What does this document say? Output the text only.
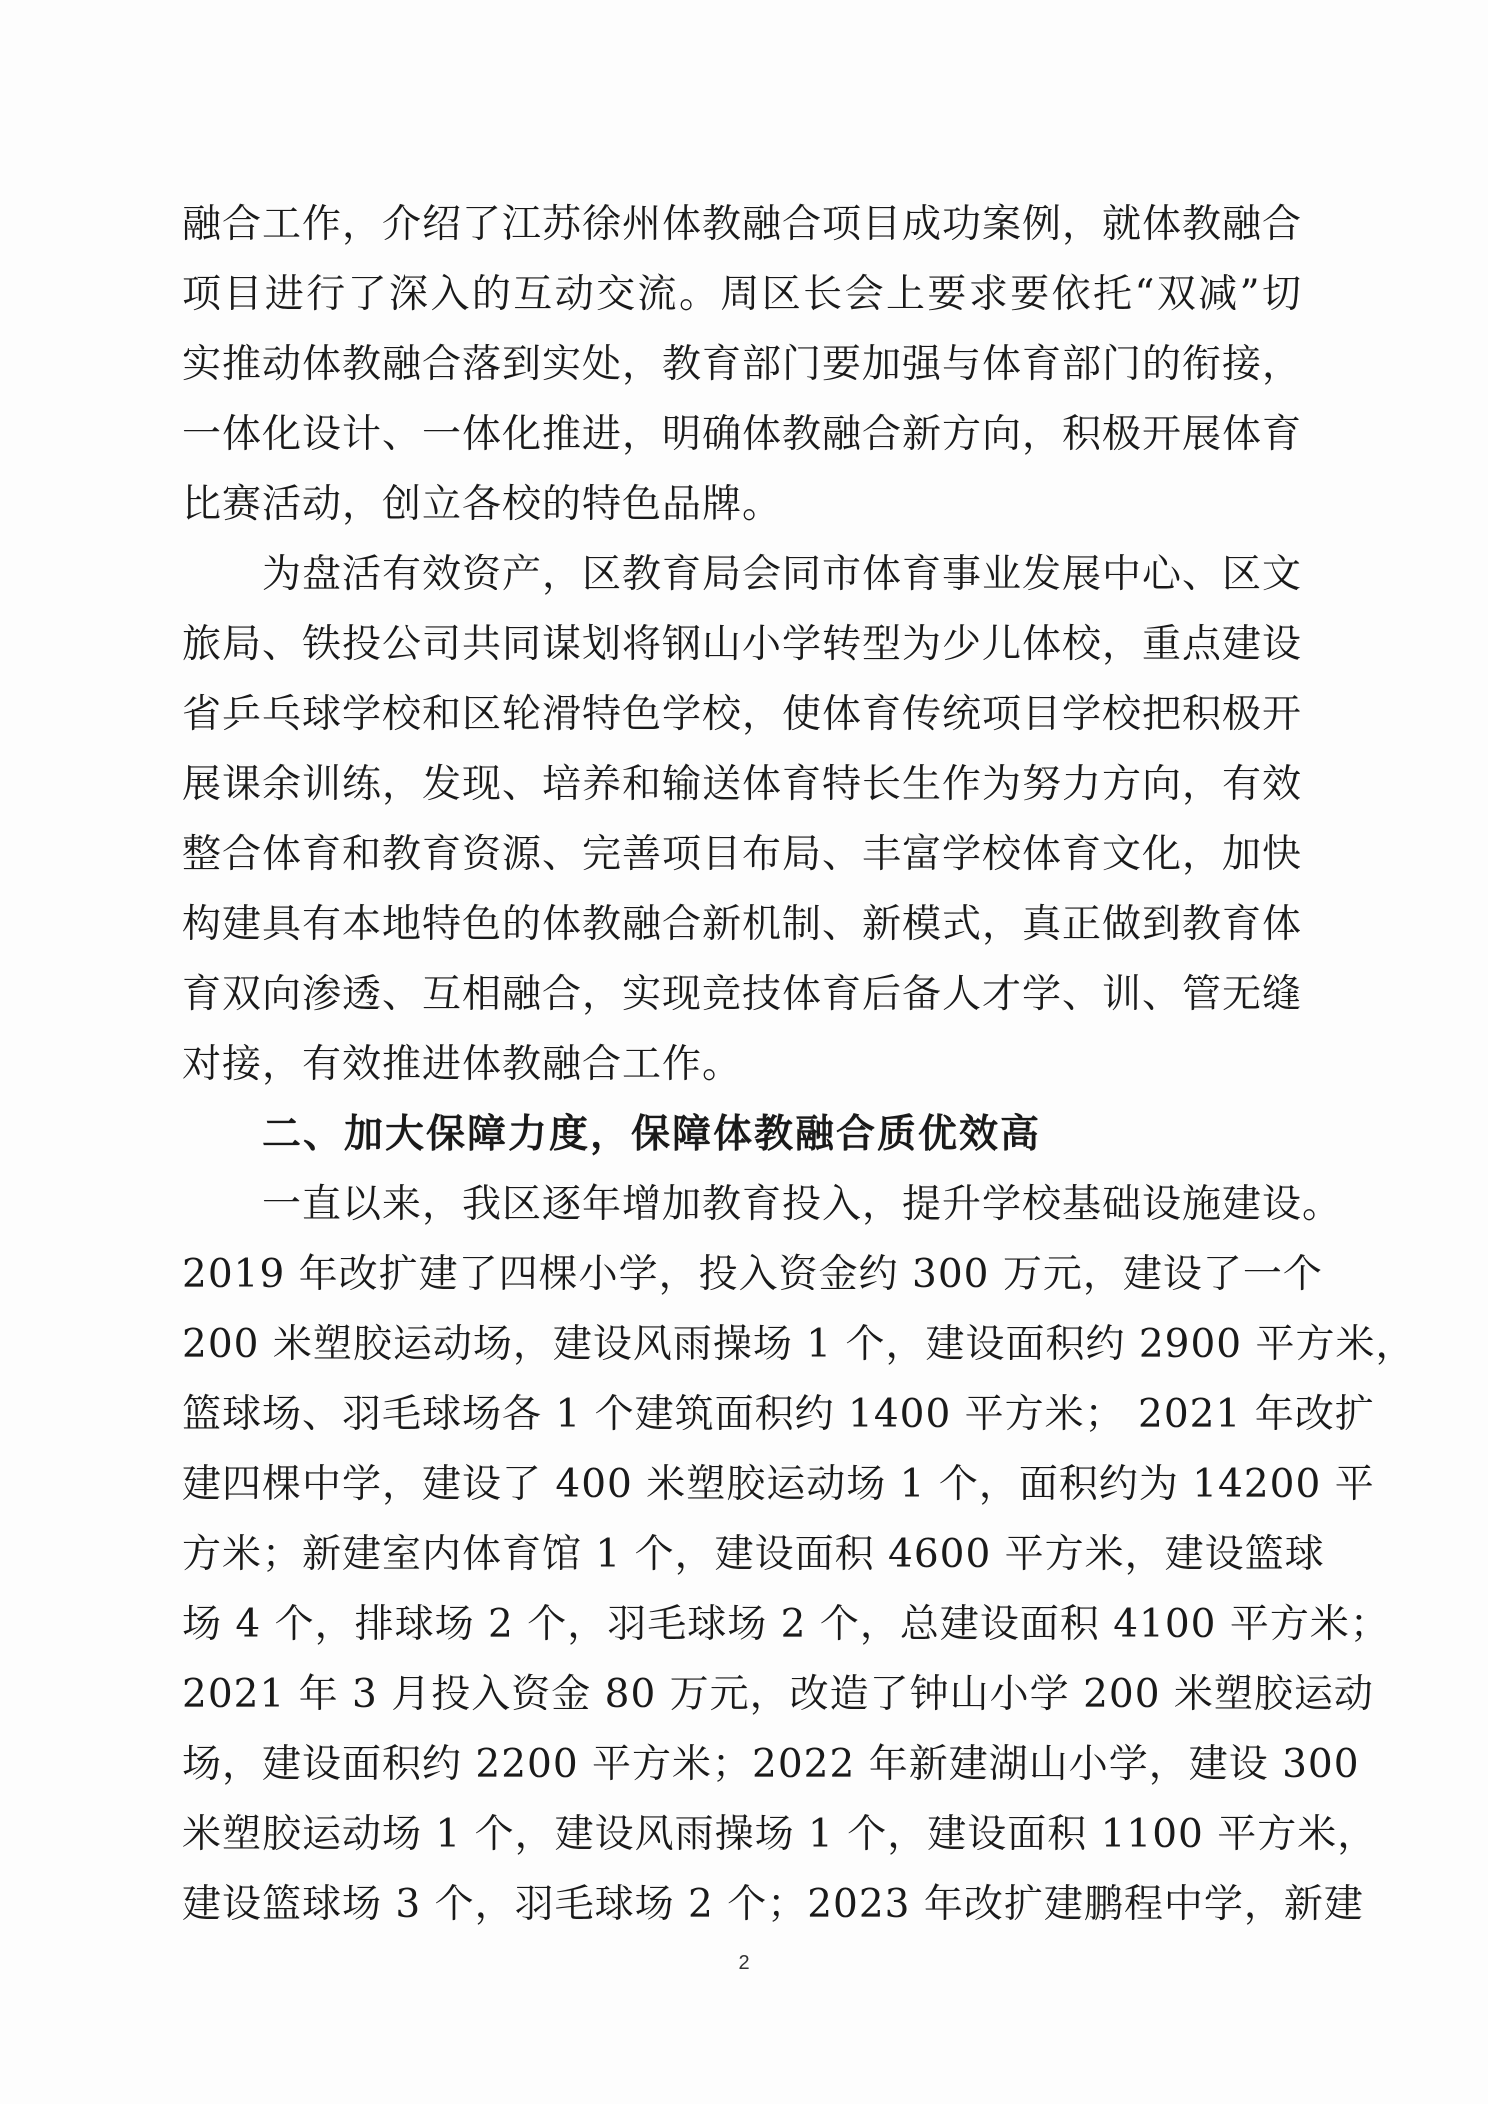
融合工作，介绍了江苏徐州体教融合项目成功案例，就体教融合
项目进行了深入的互动交流。周区长会上要求要依托“双减”切
实推动体教融合落到实处，教育部门要加强与体育部门的衔接，
一体化设计、一体化推进，明确体教融合新方向，积极开展体育
比赛活动，创立各校的特色品牌。
为盘活有效资产，区教育局会同市体育事业发展中心、区文
旅局、铁投公司共同谋划将钢山小学转型为少儿体校，重点建设
省乒乓球学校和区轮滑特色学校，使体育传统项目学校把积极开
展课余训练，发现、培养和输送体育特长生作为努力方向，有效
整合体育和教育资源、完善项目布局、丰富学校体育文化，加快
构建具有本地特色的体教融合新机制、新模式，真正做到教育体
育双向渗透、互相融合，实现竞技体育后备人才学、训、管无缝
对接，有效推进体教融合工作。
二、加大保障力度，保障体教融合质优效高
一直以来，我区逐年增加教育投入，提升学校基础设施建设。
2019 年改扩建了四棵小学，投入资金约 300 万元，建设了一个
200 米塑胶运动场，建设风雨操场 1 个，建设面积约 2900 平方米，
篮球场、羽毛球场各 1 个建筑面积约 1400 平方米； 2021 年改扩
建四棵中学，建设了 400 米塑胶运动场 1 个，面积约为 14200 平
方米；新建室内体育馆 1 个，建设面积 4600 平方米，建设篮球
场 4 个，排球场 2 个，羽毛球场 2 个，总建设面积 4100 平方米；
2021 年 3 月投入资金 80 万元，改造了钟山小学 200 米塑胶运动
场，建设面积约 2200 平方米；2022 年新建湖山小学，建设 300
米塑胶运动场 1 个，建设风雨操场 1 个，建设面积 1100 平方米，
建设篮球场 3 个，羽毛球场 2 个；2023 年改扩建鹏程中学，新建
2
